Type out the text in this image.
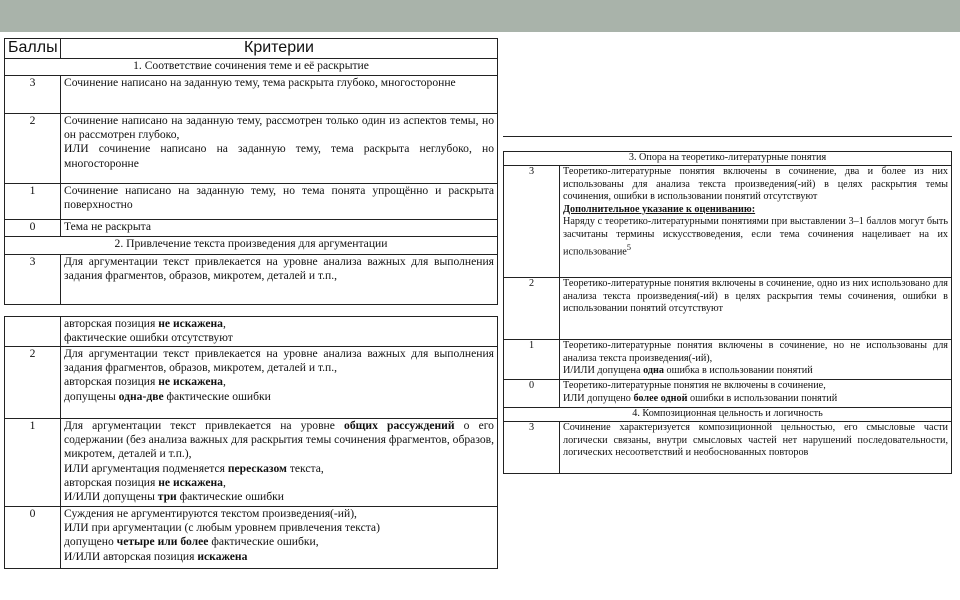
Баллы	Критерии
1. Соответствие сочинения теме и её раскрытие	
3	Сочинение написано на заданную тему, тема раскрыта глубоко, многосторонне
2	Сочинение написано на заданную тему, рассмотрен только один из аспектов темы, но он рассмотрен глубоко,
ИЛИ сочинение написано на заданную тему, тема раскрыта неглубоко, но многосторонне
1	Сочинение написано на заданную тему, но тема понята упрощённо и раскрыта поверхностно
0	Тема не раскрыта
2. Привлечение текста произведения для аргументации	
3	Для аргументации текст привлекается на уровне анализа важных для выполнения задания фрагментов, образов, микротем, деталей и т.п.,
	авторская позиция не искажена,
фактические ошибки отсутствуют
2	Для аргументации текст привлекается на уровне анализа важных для выполнения задания фрагментов, образов, микротем, деталей и т.п.,
авторская позиция не искажена,
допущены одна-две фактические ошибки
1	Для аргументации текст привлекается на уровне общих рассуждений о его содержании (без анализа важных для раскрытия темы сочинения фрагментов, образов, микротем, деталей и т.п.),
ИЛИ аргументация подменяется пересказом текста,
авторская позиция не искажена,
И/ИЛИ допущены три фактические ошибки
0	Суждения не аргументируются текстом произведения(-ий),
ИЛИ при аргументации (с любым уровнем привлечения текста)
допущено четыре или более фактические ошибки,
И/ИЛИ авторская позиция искажена
3. Опора на теоретико-литературные понятия	
3	Теоретико-литературные понятия включены в сочинение, два и более из них использованы для анализа текста произведения(-ий) в целях раскрытия темы сочинения, ошибки в использовании понятий отсутствуют
Дополнительное указание к оцениванию:
Наряду с теоретико-литературными понятиями при выставлении 3–1 баллов могут быть засчитаны термины искусствоведения, если тема сочинения нацеливает на их использование$^5$
2	Теоретико-литературные понятия включены в сочинение, одно из них использовано для анализа текста произведения(-ий) в целях раскрытия темы сочинения, ошибки в использовании понятий отсутствуют
1	Теоретико-литературные понятия включены в сочинение, но не использованы для анализа текста произведения(-ий),
И/ИЛИ допущена одна ошибка в использовании понятий
0	Теоретико-литературные понятия не включены в сочинение,
ИЛИ допущено более одной ошибки в использовании понятий
4. Композиционная цельность и логичность	
3	Сочинение характеризуется композиционной цельностью, его смысловые части логически связаны, внутри смысловых частей нет нарушений последовательности, логических несоответствий и необоснованных повторов
